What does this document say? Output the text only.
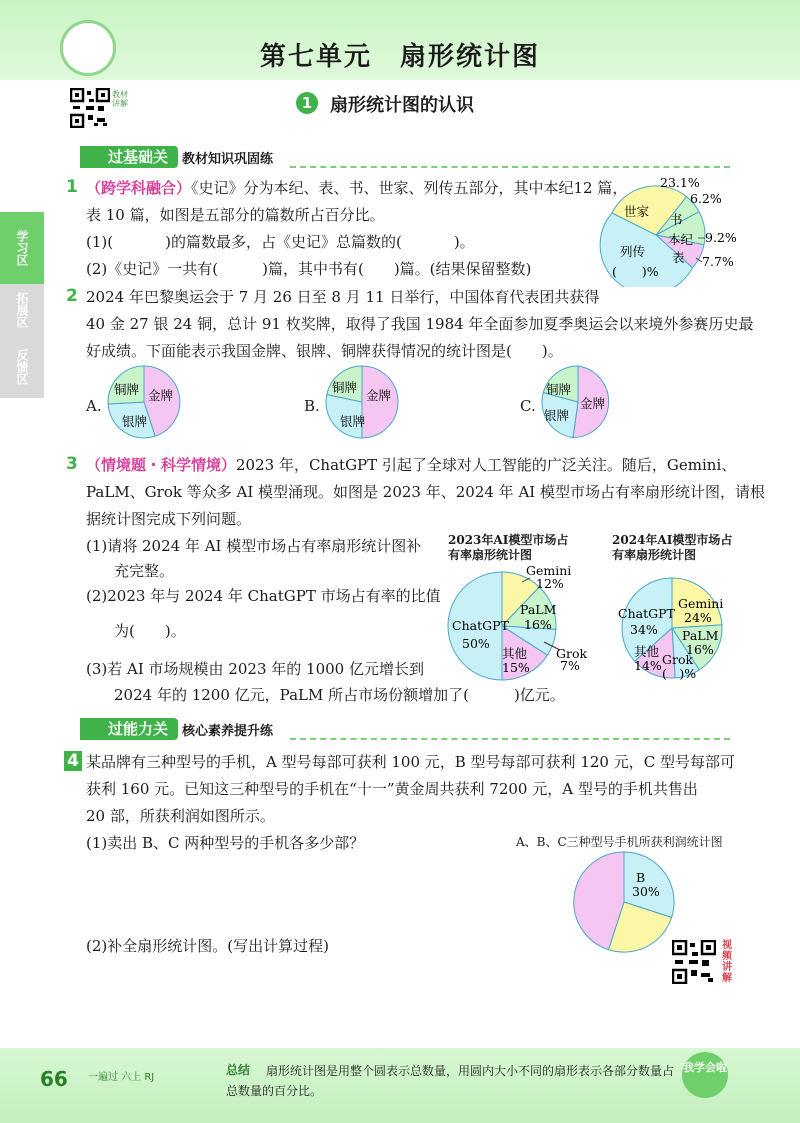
第七单元　扇形统计图
教材讲解	1 扇形统计图的认识
学习区
拓展区
反馈区
过基础关	教材知识巩固练
1 （跨学科融合）《史记》分为本纪、表、书、世家、列传五部分，其中本纪12 篇，
表 10 篇，如图是五部分的篇数所占百分比。
(1)(	)的篇数最多，占《史记》总篇数的(	)。
(2)《史记》一共有(	)篇，其中书有( )篇。(结果保留整数)
世家
书
本纪
表
列传
(　　)%
23.1%
6.2%
9.2%
7.7%
2 2024 年巴黎奥运会于 7 月 26 日至 8 月 11 日举行，中国体育代表团共获得
40 金 27 银 24 铜，总计 91 枚奖牌，取得了我国 1984 年全面参加夏季奥运会以来境外参赛历史最
好成绩。下面能表示我国金牌、银牌、铜牌获得情况的统计图是(　　)。
A.
金牌
银牌
铜牌
B.
金牌
银牌
铜牌
C.	金牌
银牌
铜牌
3 （情境题・科学情境）2023 年，ChatGPT 引起了全球对人工智能的广泛关注。随后，Gemini、
PaLM、Grok 等众多 AI 模型涌现。如图是 2023 年、2024 年 AI 模型市场占有率扇形统计图，请根
据统计图完成下列问题。
(1)请将 2024 年 AI 模型市场占有率扇形统计图补
充完整。
(2)2023 年与 2024 年 ChatGPT 市场占有率的比值
为(　　)。
(3)若 AI 市场规模由 2023 年的 1000 亿元增长到
2024 年的 1200 亿元，PaLM 所占市场份额增加了(　　　)亿元。
2023年AI模型市场占
有率扇形统计图
ChatGPT
50%
Gemini
12%
PaLM
16%
Grok
7%
其他
15%
2024年AI模型市场占
有率扇形统计图
ChatGPT
34%
Gemini
24%
PaLM
16%
其他
14% Grok
(　)%
过能力关	核心素养提升练
4 某品牌有三种型号的手机，A 型号每部可获利 100 元，B 型号每部可获利 120 元，C 型号每部可
获利 160 元。已知这三种型号的手机在“十一”黄金周共获利 7200 元，A 型号的手机共售出
20 部，所获利润如图所示。
(1)卖出 B、C 两种型号的手机各多少部？
(2)补全扇形统计图。(写出计算过程)
A、B、C三种型号手机所获利润统计图
B
30%
视频讲解
66 一遍过 六上 RJ
总结	扇形统计图是用整个圆表示总数量，用圆内大小不同的扇形表示各部分数量占总数量的百分比。
我学会啦
